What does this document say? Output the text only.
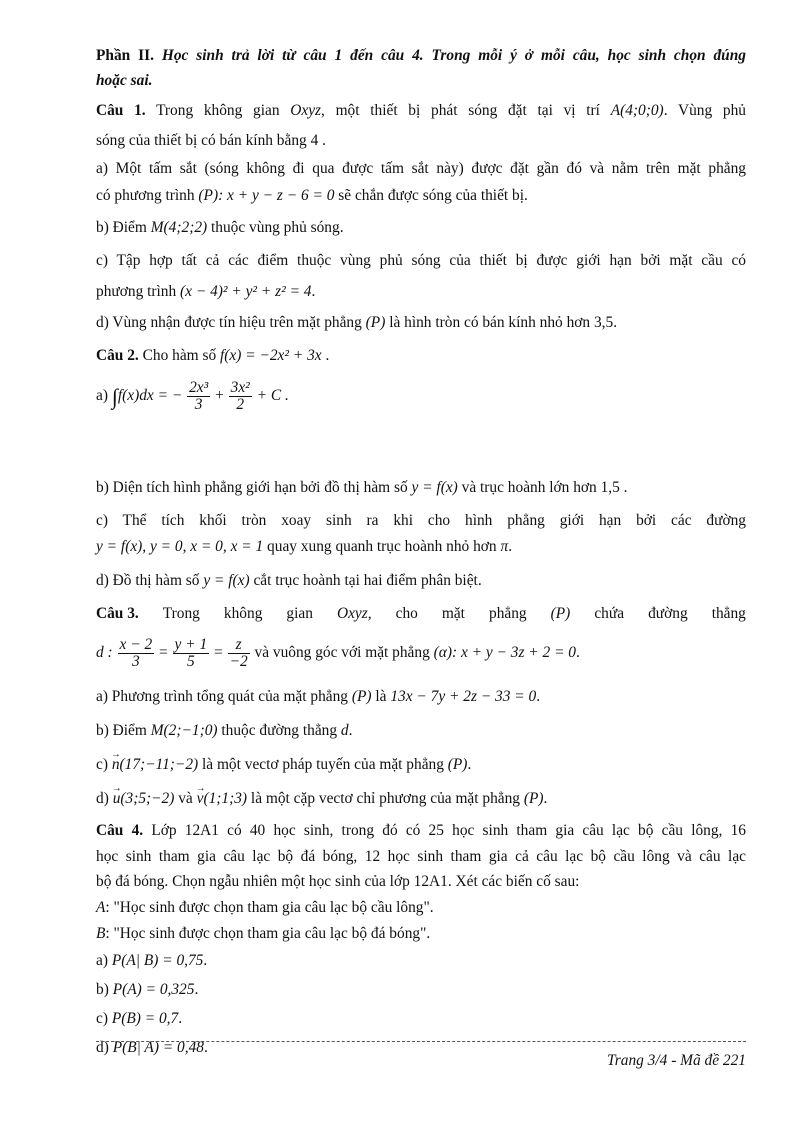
Phần II. Học sinh trả lời từ câu 1 đến câu 4. Trong mỗi ý ở mỗi câu, học sinh chọn đúng
hoặc sai.
Câu 1. Trong không gian Oxyz, một thiết bị phát sóng đặt tại vị trí A(4;0;0). Vùng phủ
sóng của thiết bị có bán kính bằng 4 .
a) Một tấm sắt (sóng không đi qua được tấm sắt này) được đặt gần đó và nằm trên mặt phẳng
có phương trình (P): x + y − z − 6 = 0 sẽ chắn được sóng của thiết bị.
b) Điểm M(4;2;2) thuộc vùng phủ sóng.
c) Tập hợp tất cả các điểm thuộc vùng phủ sóng của thiết bị được giới hạn bởi mặt cầu có
phương trình (x − 4)² + y² + z² = 4.
d) Vùng nhận được tín hiệu trên mặt phẳng (P) là hình tròn có bán kính nhỏ hơn 3,5.
Câu 2. Cho hàm số f(x) = −2x² + 3x .
a) ∫f(x)dx = − $\frac{\text{2x³}}{3} + \frac{\text{3x²}}{2} + C$ .
b) Diện tích hình phẳng giới hạn bởi đồ thị hàm số y = f(x) và trục hoành lớn hơn 1,5 .
c) Thể tích khối tròn xoay sinh ra khi cho hình phẳng giới hạn bởi các đường
y = f(x), y = 0, x = 0, x = 1 quay xung quanh trục hoành nhỏ hơn π.
d) Đồ thị hàm số y = f(x) cắt trục hoành tại hai điểm phân biệt.
Câu 3. Trong không gian Oxyz, cho mặt phẳng (P) chứa đường thẳng
d : $\frac{x - 2}{3} = \frac{y + 1}{5} = \frac{z}{-2}$ và vuông góc với mặt phẳng (α): x + y − 3z + 2 = 0.
a) Phương trình tổng quát của mặt phẳng (P) là 13x − 7y + 2z − 33 = 0.
b) Điểm M(2;−1;0) thuộc đường thẳng d.
c) n →(17;−11;−2) là một vectơ pháp tuyến của mặt phẳng (P).
d) u →(3;5;−2) và v →(1;1;3) là một cặp vectơ chỉ phương của mặt phẳng (P).
Câu 4. Lớp 12A1 có 40 học sinh, trong đó có 25 học sinh tham gia câu lạc bộ cầu lông, 16
học sinh tham gia câu lạc bộ đá bóng, 12 học sinh tham gia cả câu lạc bộ cầu lông và câu lạc
bộ đá bóng. Chọn ngẫu nhiên một học sinh của lớp 12A1. Xét các biến cố sau:
A: "Học sinh được chọn tham gia câu lạc bộ cầu lông".
B: "Học sinh được chọn tham gia câu lạc bộ đá bóng".
a) P(A| B) = 0,75.
b) P(A) = 0,325.
c) P(B) = 0,7.
d) P(B| A) = 0,48.
Trang 3/4 - Mã đề 221
